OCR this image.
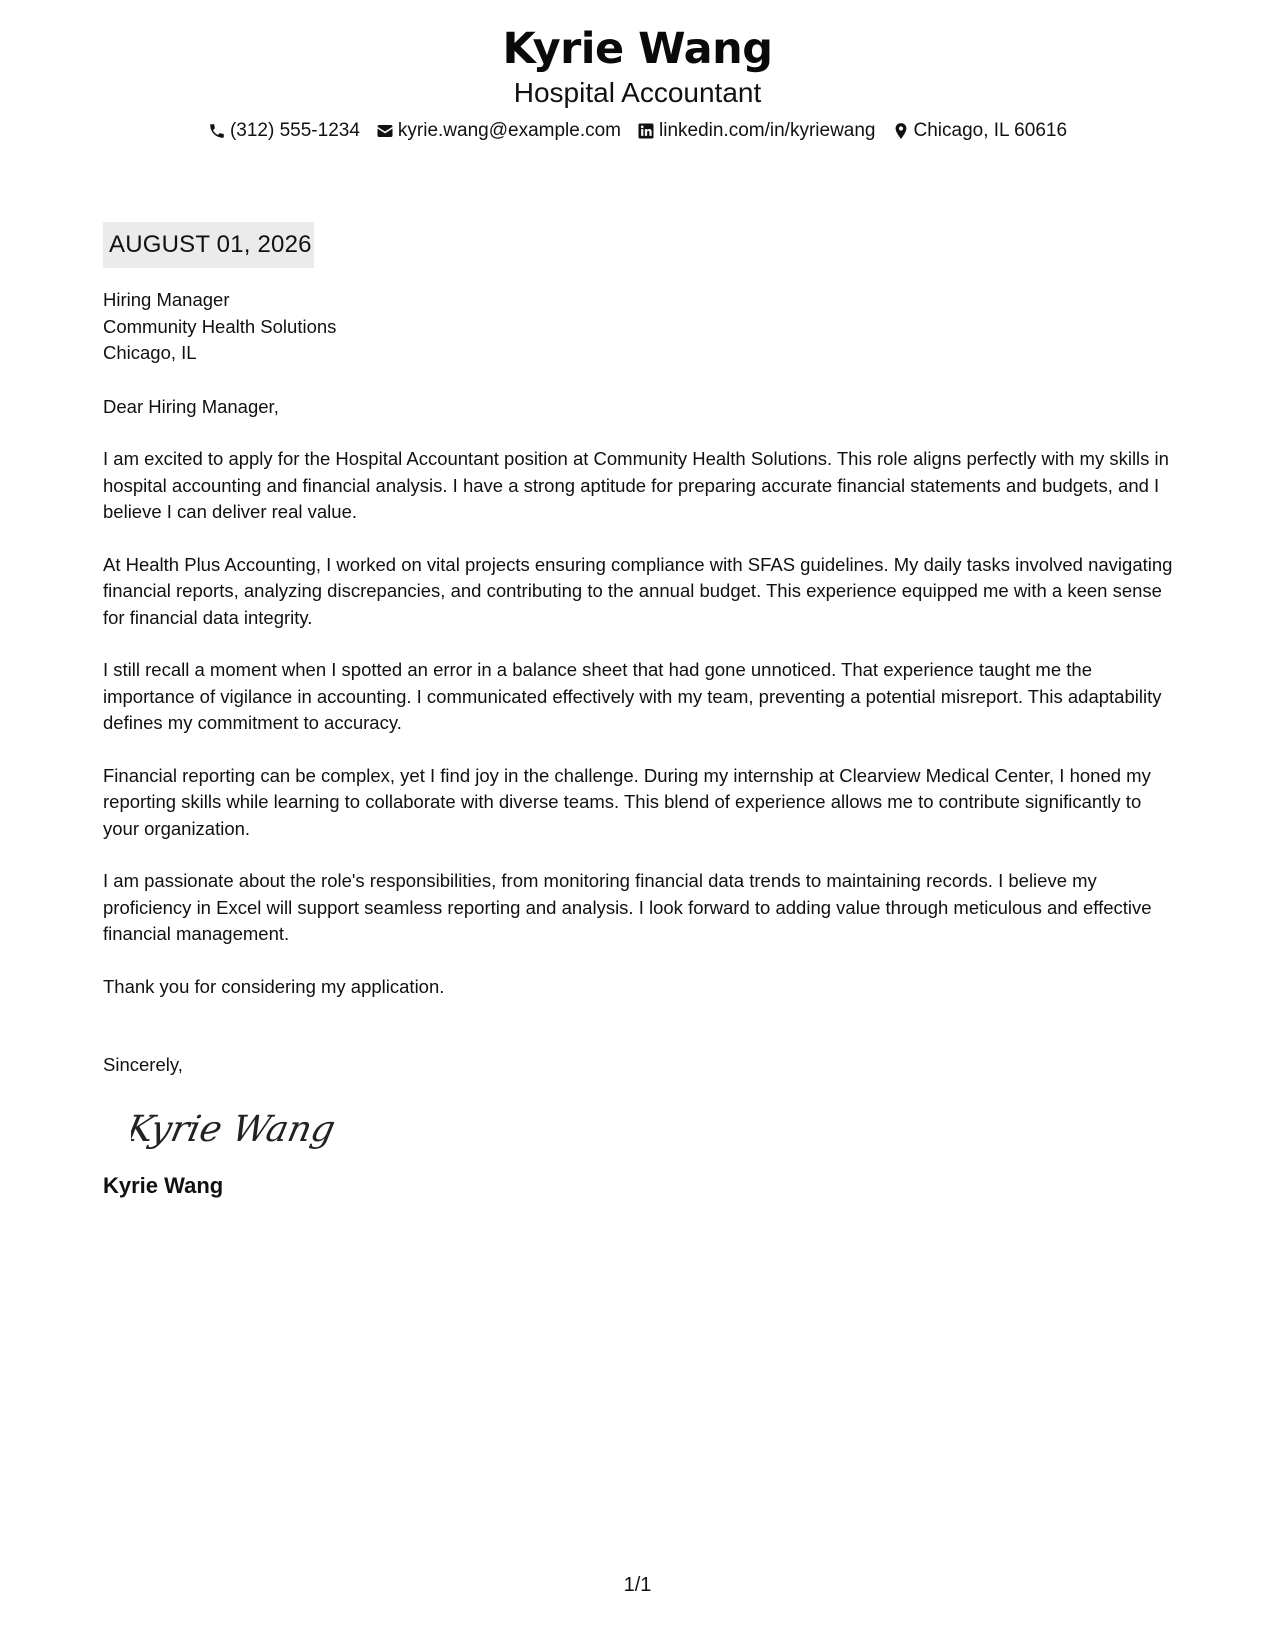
Kyrie Wang
Hospital Accountant
(312) 555-1234 kyrie.wang@example.com linkedin.com/in/kyriewang Chicago, IL 60616
AUGUST 01, 2026
Hiring Manager
Community Health Solutions
Chicago, IL
Dear Hiring Manager,
I am excited to apply for the Hospital Accountant position at Community Health Solutions. This role aligns perfectly with my skills in hospital accounting and financial analysis. I have a strong aptitude for preparing accurate financial statements and budgets, and I believe I can deliver real value.
At Health Plus Accounting, I worked on vital projects ensuring compliance with SFAS guidelines. My daily tasks involved navigating financial reports, analyzing discrepancies, and contributing to the annual budget. This experience equipped me with a keen sense for financial data integrity.
I still recall a moment when I spotted an error in a balance sheet that had gone unnoticed. That experience taught me the importance of vigilance in accounting. I communicated effectively with my team, preventing a potential misreport. This adaptability defines my commitment to accuracy.
Financial reporting can be complex, yet I find joy in the challenge. During my internship at Clearview Medical Center, I honed my reporting skills while learning to collaborate with diverse teams. This blend of experience allows me to contribute significantly to your organization.
I am passionate about the role's responsibilities, from monitoring financial data trends to maintaining records. I believe my proficiency in Excel will support seamless reporting and analysis. I look forward to adding value through meticulous and effective financial management.
Thank you for considering my application.
Sincerely,
Kyrie Wang
Kyrie Wang
1/1
